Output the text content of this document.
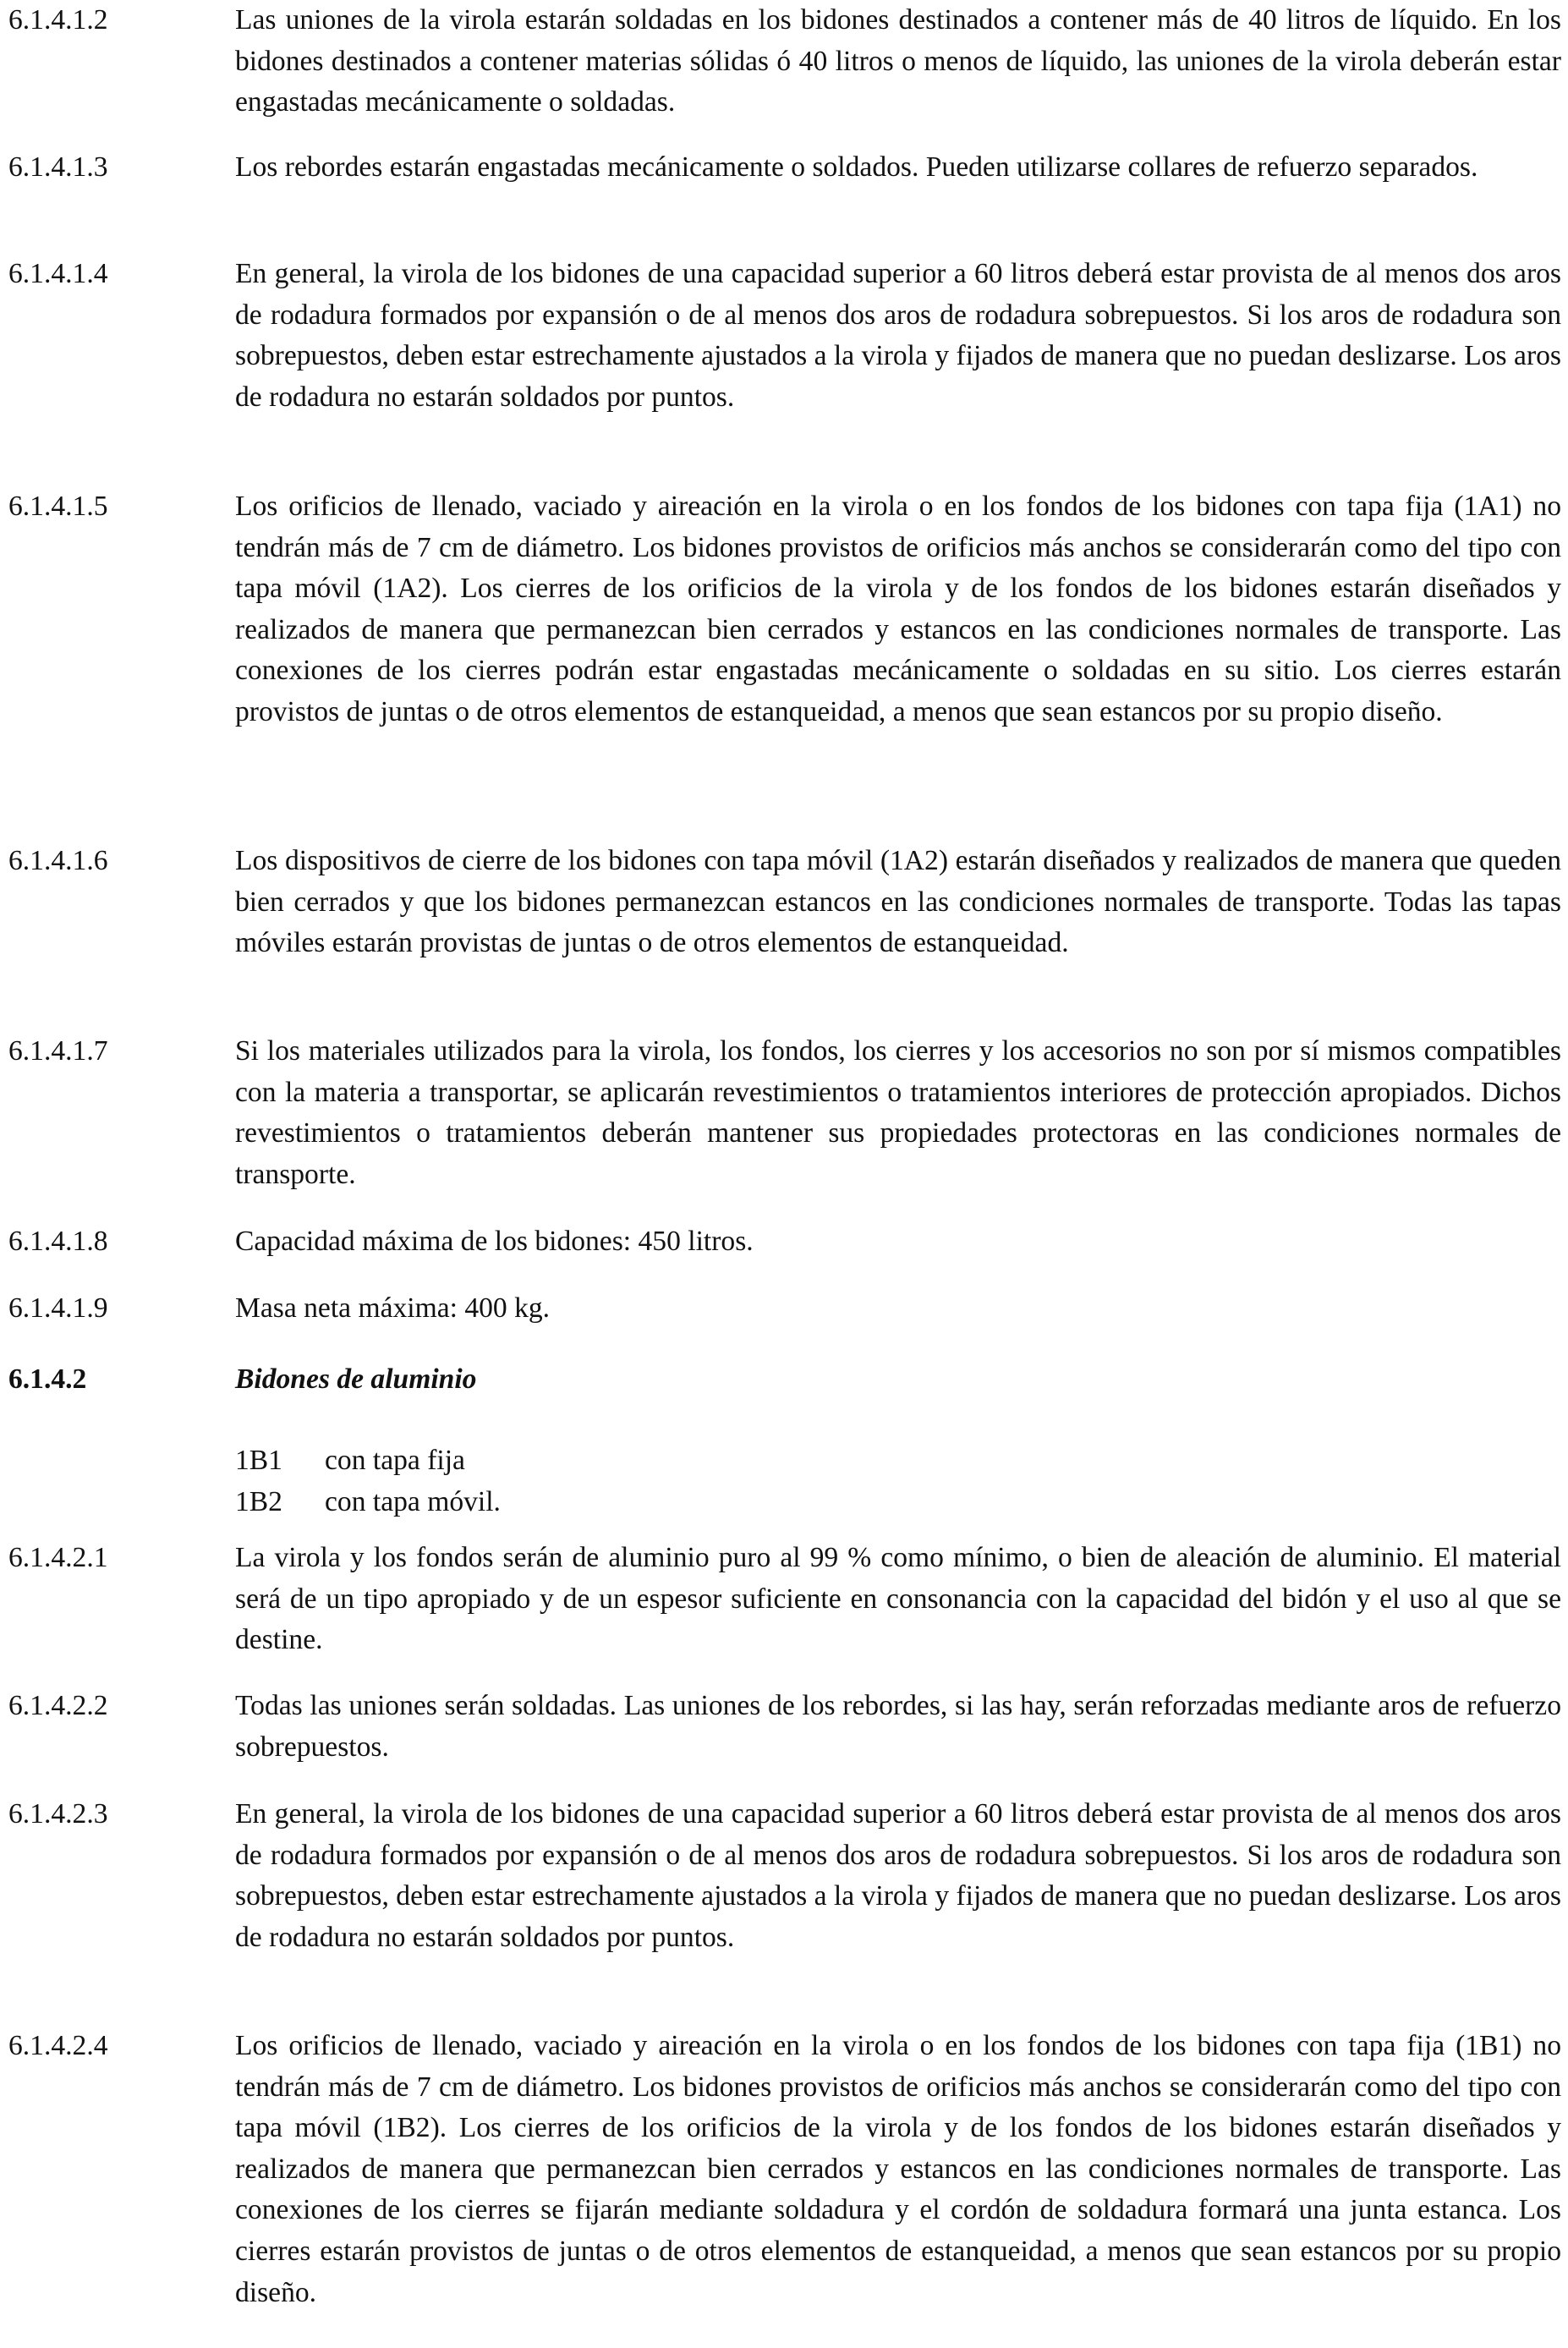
6.1.4.1.2	Las uniones de la virola estarán soldadas en los bidones destinados a contener más de 40 litros de líquido. En los bidones destinados a contener materias sólidas ó 40 litros o menos de líquido, las uniones de la virola deberán estar engastadas mecánicamente o soldadas.
6.1.4.1.3	Los rebordes estarán engastadas mecánicamente o soldados. Pueden utilizarse collares de refuerzo separados.
6.1.4.1.4	En general, la virola de los bidones de una capacidad superior a 60 litros deberá estar provista de al menos dos aros de rodadura formados por expansión o de al menos dos aros de rodadura sobrepuestos. Si los aros de rodadura son sobrepuestos, deben estar estrechamente ajustados a la virola y fijados de manera que no puedan deslizarse. Los aros de rodadura no estarán soldados por puntos.
6.1.4.1.5	Los orificios de llenado, vaciado y aireación en la virola o en los fondos de los bidones con tapa fija (1A1) no tendrán más de 7 cm de diámetro. Los bidones provistos de orificios más anchos se considerarán como del tipo con tapa móvil (1A2). Los cierres de los orificios de la virola y de los fondos de los bidones estarán diseñados y realizados de manera que permanezcan bien cerrados y estancos en las condiciones normales de transporte. Las conexiones de los cierres podrán estar engastadas mecánicamente o soldadas en su sitio. Los cierres estarán provistos de juntas o de otros elementos de estanqueidad, a menos que sean estancos por su propio diseño.
6.1.4.1.6	Los dispositivos de cierre de los bidones con tapa móvil (1A2) estarán diseñados y realizados de manera que queden bien cerrados y que los bidones permanezcan estancos en las condiciones normales de transporte. Todas las tapas móviles estarán provistas de juntas o de otros elementos de estanqueidad.
6.1.4.1.7	Si los materiales utilizados para la virola, los fondos, los cierres y los accesorios no son por sí mismos compatibles con la materia a transportar, se aplicarán revestimientos o tratamientos interiores de protección apropiados. Dichos revestimientos o tratamientos deberán mantener sus propiedades protectoras en las condiciones normales de transporte.
6.1.4.1.8	Capacidad máxima de los bidones: 450 litros.
6.1.4.1.9	Masa neta máxima: 400 kg.
6.1.4.2	Bidones de aluminio
1B1 con tapa fija
1B2 con tapa móvil.
6.1.4.2.1	La virola y los fondos serán de aluminio puro al 99 % como mínimo, o bien de aleación de aluminio. El material será de un tipo apropiado y de un espesor suficiente en consonancia con la capacidad del bidón y el uso al que se destine.
6.1.4.2.2	Todas las uniones serán soldadas. Las uniones de los rebordes, si las hay, serán reforzadas mediante aros de refuerzo sobrepuestos.
6.1.4.2.3	En general, la virola de los bidones de una capacidad superior a 60 litros deberá estar provista de al menos dos aros de rodadura formados por expansión o de al menos dos aros de rodadura sobrepuestos. Si los aros de rodadura son sobrepuestos, deben estar estrechamente ajustados a la virola y fijados de manera que no puedan deslizarse. Los aros de rodadura no estarán soldados por puntos.
6.1.4.2.4	Los orificios de llenado, vaciado y aireación en la virola o en los fondos de los bidones con tapa fija (1B1) no tendrán más de 7 cm de diámetro. Los bidones provistos de orificios más anchos se considerarán como del tipo con tapa móvil (1B2). Los cierres de los orificios de la virola y de los fondos de los bidones estarán diseñados y realizados de manera que permanezcan bien cerrados y estancos en las condiciones normales de transporte. Las conexiones de los cierres se fijarán mediante soldadura y el cordón de soldadura formará una junta estanca. Los cierres estarán provistos de juntas o de otros elementos de estanqueidad, a menos que sean estancos por su propio diseño.
